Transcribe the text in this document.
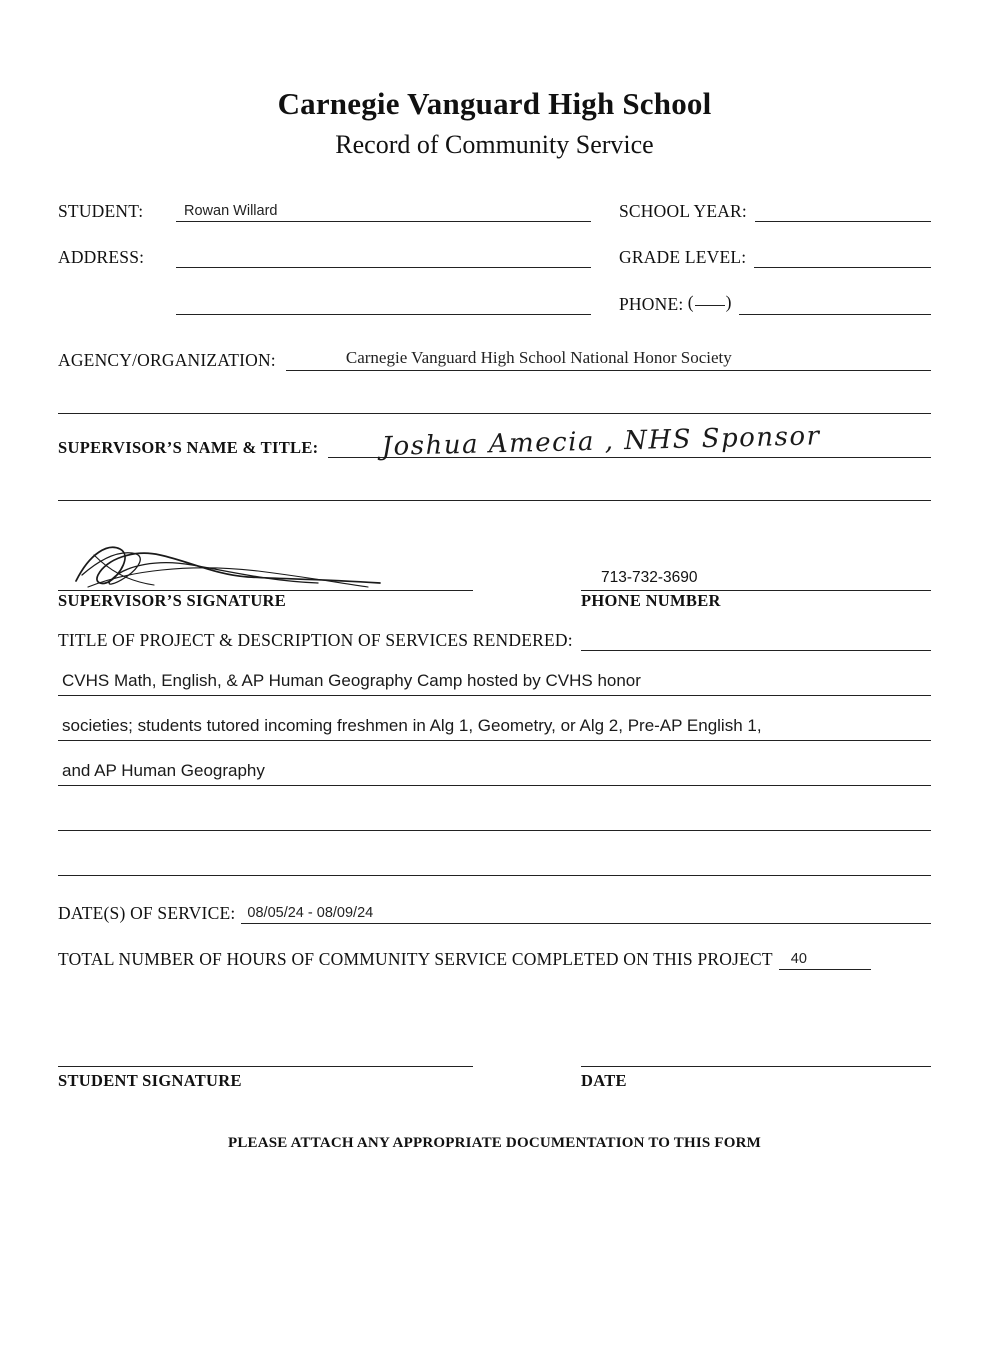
Carnegie Vanguard High School
Record of Community Service
STUDENT:	Rowan Willard	SCHOOL YEAR:
ADDRESS:	GRADE LEVEL:
PHONE: ( )
AGENCY/ORGANIZATION:	Carnegie Vanguard High School National Honor Society
SUPERVISOR’S NAME & TITLE:	Joshua Amecia , NHS Sponsor
SUPERVISOR’S SIGNATURE
713-732-3690
PHONE NUMBER
TITLE OF PROJECT & DESCRIPTION OF SERVICES RENDERED:
CVHS Math, English, & AP Human Geography Camp hosted by CVHS honor
societies; students tutored incoming freshmen in Alg 1, Geometry, or Alg 2, Pre-AP English 1,
and AP Human Geography
DATE(S) OF SERVICE: 08/05/24 - 08/09/24
TOTAL NUMBER OF HOURS OF COMMUNITY SERVICE COMPLETED ON THIS PROJECT	40
STUDENT SIGNATURE	DATE
PLEASE ATTACH ANY APPROPRIATE DOCUMENTATION TO THIS FORM
